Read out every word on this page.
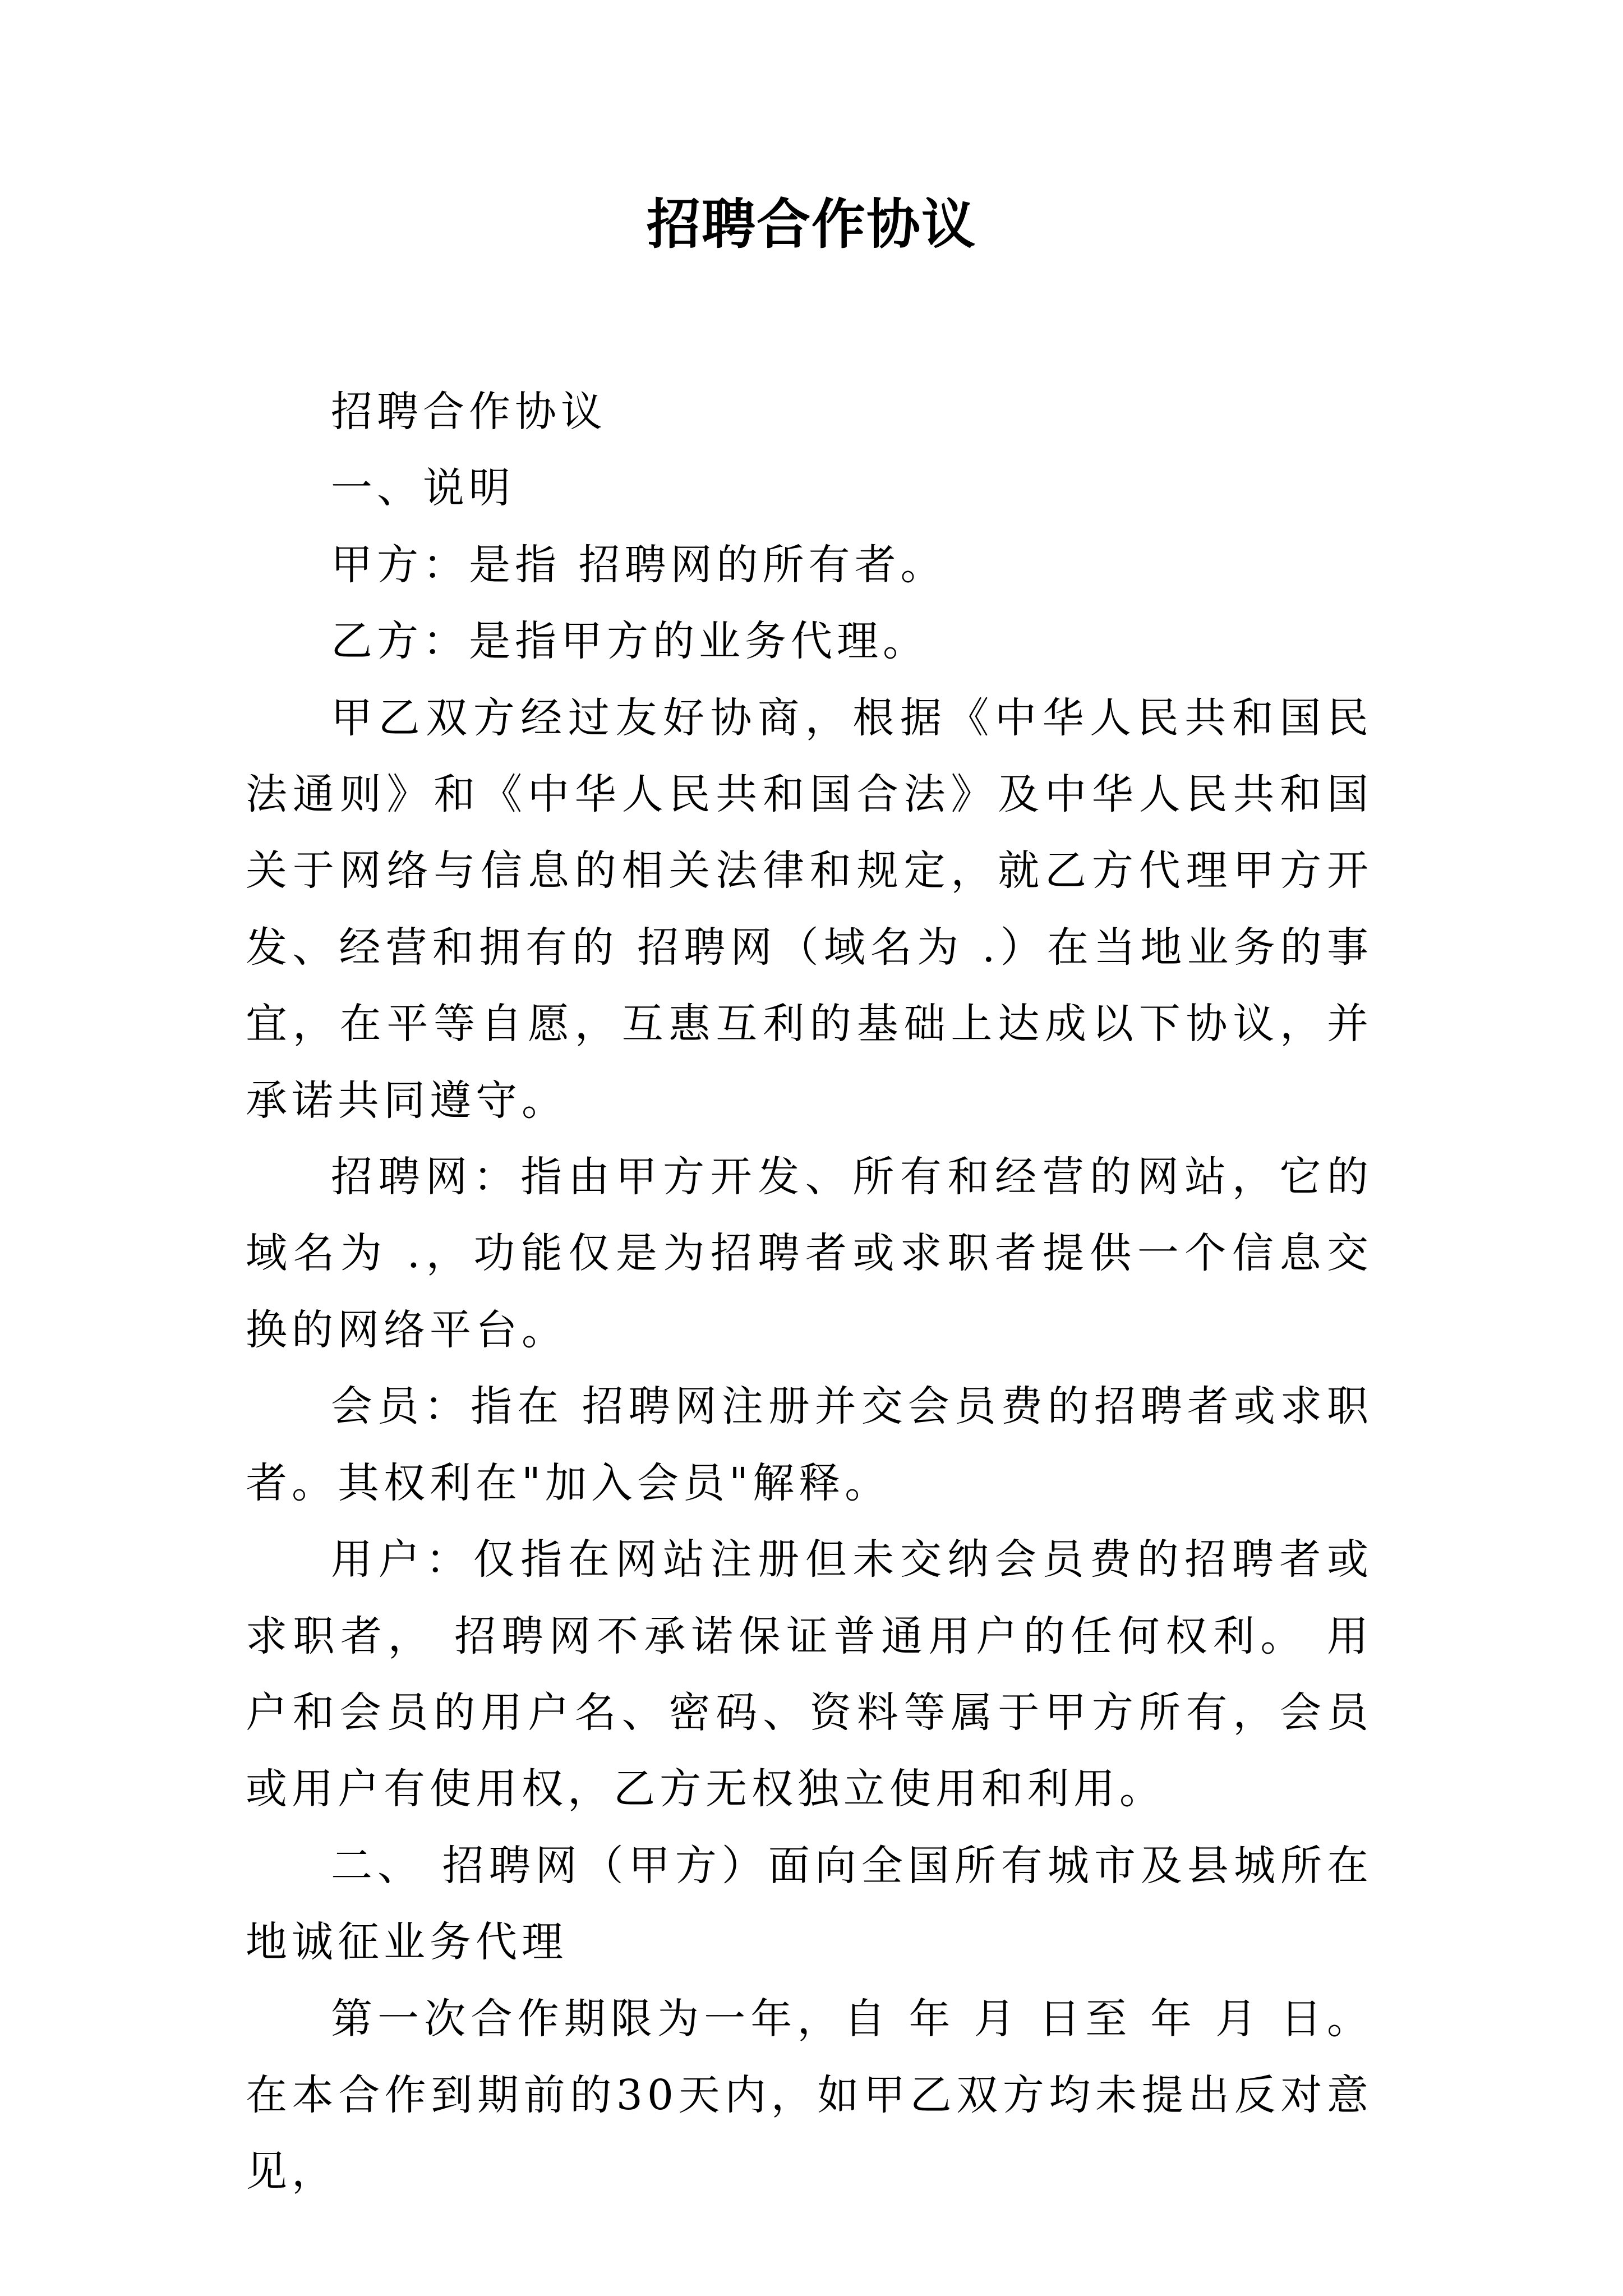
招聘合作协议

招聘合作协议

一、说明

甲方：是指 招聘网的所有者。

乙方：是指甲方的业务代理。

甲乙双方经过友好协商，根据《中华人民共和国民法通则》和《中华人民共和国合法》及中华人民共和国关于网络与信息的相关法律和规定，就乙方代理甲方开发、经营和拥有的 招聘网（域名为 .）在当地业务的事宜，在平等自愿，互惠互利的基础上达成以下协议，并承诺共同遵守。

招聘网：指由甲方开发、所有和经营的网站，它的域名为 .，功能仅是为招聘者或求职者提供一个信息交换的网络平台。

会员：指在 招聘网注册并交会员费的招聘者或求职者。其权利在"加入会员"解释。

用户：仅指在网站注册但未交纳会员费的招聘者或求职者， 招聘网不承诺保证普通用户的任何权利。 用户和会员的用户名、密码、资料等属于甲方所有，会员或用户有使用权，乙方无权独立使用和利用。

二、 招聘网（甲方）面向全国所有城市及县城所在地诚征业务代理

第一次合作期限为一年，自 年 月 日至 年 月 日。在本合作到期前的30天内，如甲乙双方均未提出反对意见，
